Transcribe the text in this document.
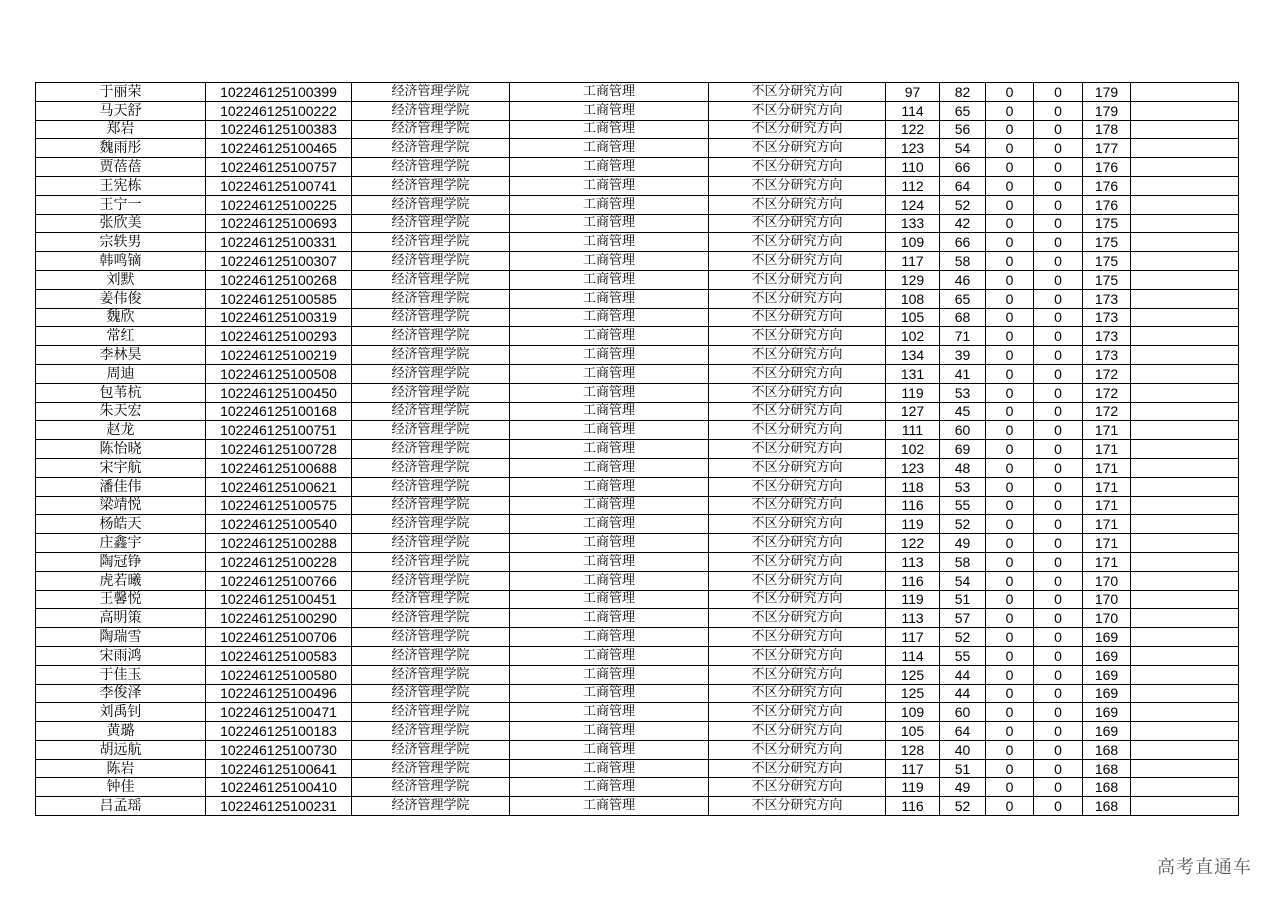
于丽荣	102246125100399	经济管理学院	工商管理	不区分研究方向	97	82	0	0	179	
马天舒	102246125100222	经济管理学院	工商管理	不区分研究方向	114	65	0	0	179	
郑岩	102246125100383	经济管理学院	工商管理	不区分研究方向	122	56	0	0	178	
魏雨彤	102246125100465	经济管理学院	工商管理	不区分研究方向	123	54	0	0	177	
贾蓓蓓	102246125100757	经济管理学院	工商管理	不区分研究方向	110	66	0	0	176	
王宪栋	102246125100741	经济管理学院	工商管理	不区分研究方向	112	64	0	0	176	
王宁一	102246125100225	经济管理学院	工商管理	不区分研究方向	124	52	0	0	176	
张欣美	102246125100693	经济管理学院	工商管理	不区分研究方向	133	42	0	0	175	
宗轶男	102246125100331	经济管理学院	工商管理	不区分研究方向	109	66	0	0	175	
韩鸣镝	102246125100307	经济管理学院	工商管理	不区分研究方向	117	58	0	0	175	
刘默	102246125100268	经济管理学院	工商管理	不区分研究方向	129	46	0	0	175	
姜伟俊	102246125100585	经济管理学院	工商管理	不区分研究方向	108	65	0	0	173	
魏欣	102246125100319	经济管理学院	工商管理	不区分研究方向	105	68	0	0	173	
常红	102246125100293	经济管理学院	工商管理	不区分研究方向	102	71	0	0	173	
李林昊	102246125100219	经济管理学院	工商管理	不区分研究方向	134	39	0	0	173	
周迪	102246125100508	经济管理学院	工商管理	不区分研究方向	131	41	0	0	172	
包苇杭	102246125100450	经济管理学院	工商管理	不区分研究方向	119	53	0	0	172	
朱天宏	102246125100168	经济管理学院	工商管理	不区分研究方向	127	45	0	0	172	
赵龙	102246125100751	经济管理学院	工商管理	不区分研究方向	111	60	0	0	171	
陈怡晓	102246125100728	经济管理学院	工商管理	不区分研究方向	102	69	0	0	171	
宋宇航	102246125100688	经济管理学院	工商管理	不区分研究方向	123	48	0	0	171	
潘佳伟	102246125100621	经济管理学院	工商管理	不区分研究方向	118	53	0	0	171	
梁靖悦	102246125100575	经济管理学院	工商管理	不区分研究方向	116	55	0	0	171	
杨皓天	102246125100540	经济管理学院	工商管理	不区分研究方向	119	52	0	0	171	
庄鑫宇	102246125100288	经济管理学院	工商管理	不区分研究方向	122	49	0	0	171	
陶冠铮	102246125100228	经济管理学院	工商管理	不区分研究方向	113	58	0	0	171	
虎若曦	102246125100766	经济管理学院	工商管理	不区分研究方向	116	54	0	0	170	
王馨悦	102246125100451	经济管理学院	工商管理	不区分研究方向	119	51	0	0	170	
高明策	102246125100290	经济管理学院	工商管理	不区分研究方向	113	57	0	0	170	
陶瑞雪	102246125100706	经济管理学院	工商管理	不区分研究方向	117	52	0	0	169	
宋雨鸿	102246125100583	经济管理学院	工商管理	不区分研究方向	114	55	0	0	169	
于佳玉	102246125100580	经济管理学院	工商管理	不区分研究方向	125	44	0	0	169	
李俊泽	102246125100496	经济管理学院	工商管理	不区分研究方向	125	44	0	0	169	
刘禹钊	102246125100471	经济管理学院	工商管理	不区分研究方向	109	60	0	0	169	
黄璐	102246125100183	经济管理学院	工商管理	不区分研究方向	105	64	0	0	169	
胡远航	102246125100730	经济管理学院	工商管理	不区分研究方向	128	40	0	0	168	
陈岩	102246125100641	经济管理学院	工商管理	不区分研究方向	117	51	0	0	168	
钟佳	102246125100410	经济管理学院	工商管理	不区分研究方向	119	49	0	0	168	
吕孟瑶	102246125100231	经济管理学院	工商管理	不区分研究方向	116	52	0	0	168	
高考直通车
